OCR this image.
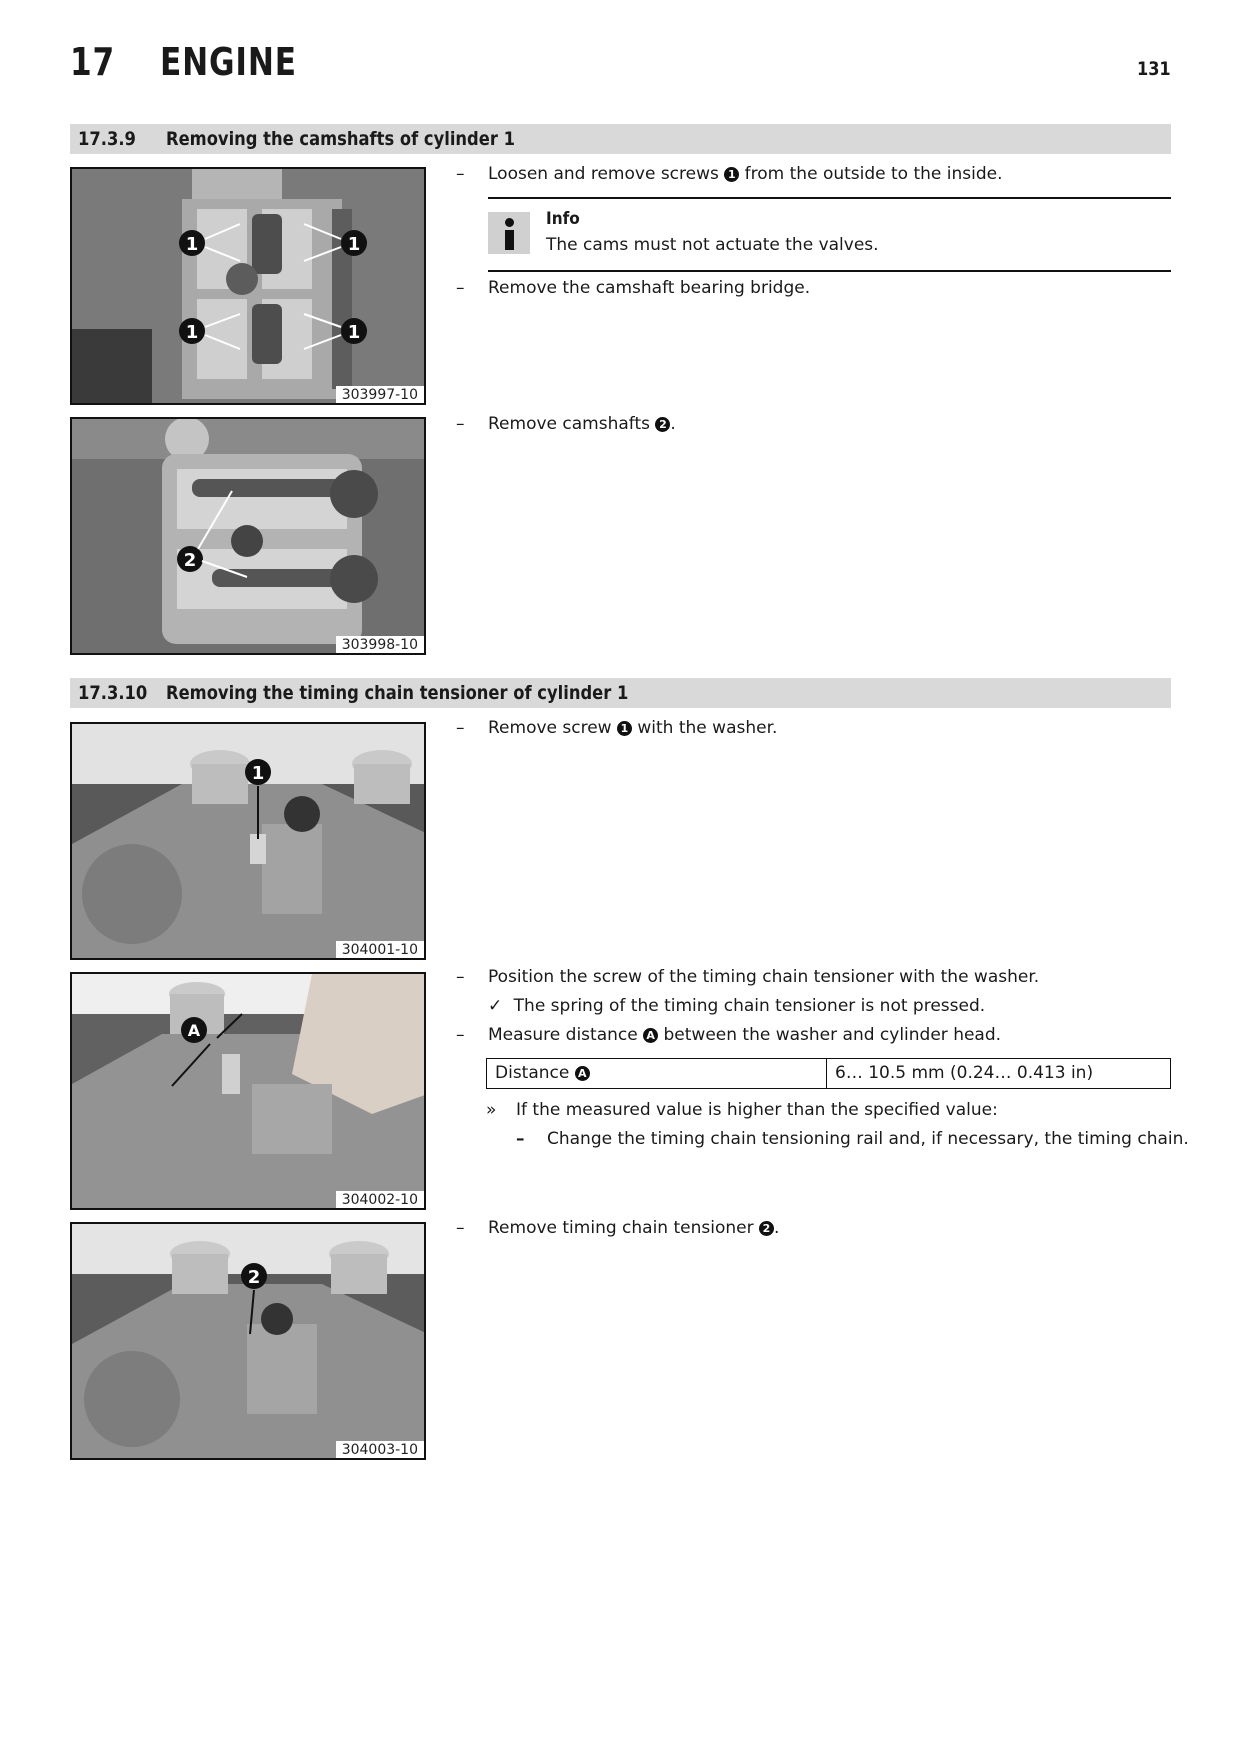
17 ENGINE	131
17.3.9 Removing the camshafts of cylinder 1
1	1
1	1
303997-10
2
303998-10
– Loosen and remove screws 1 from the outside to the inside.
Info
The cams must not actuate the valves.
– Remove the camshaft bearing bridge.
– Remove camshafts 2 .
17.3.10 Removing the timing chain tensioner of cylinder 1
1
304001-10
A
304002-10
2
304003-10
– Remove screw 1 with the washer.
– Position the screw of the timing chain tensioner with the washer.
✓ The spring of the timing chain tensioner is not pressed.
– Measure distance A between the washer and cylinder head.
Distance A	6… 10.5 mm (0.24… 0.413 in)
» If the measured value is higher than the specified value:
– Change the timing chain tensioning rail and, if necessary, the timing chain.
– Remove timing chain tensioner 2 .
